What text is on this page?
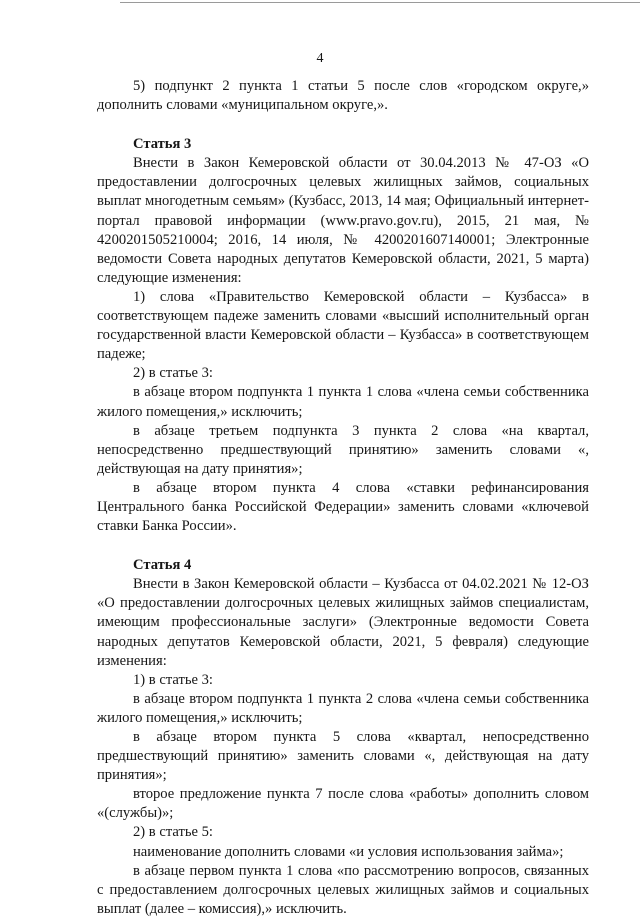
4

5) подпункт 2 пункта 1 статьи 5 после слов «городском округе,» дополнить словами «муниципальном округе,».

Статья 3

Внести в Закон Кемеровской области от 30.04.2013 № 47-ОЗ «О предоставлении долгосрочных целевых жилищных займов, социальных выплат многодетным семьям» (Кузбасс, 2013, 14 мая; Официальный интернет-портал правовой информации (www.pravo.gov.ru), 2015, 21 мая, № 4200201505210004; 2016, 14 июля, № 4200201607140001; Электронные ведомости Совета народных депутатов Кемеровской области, 2021, 5 марта) следующие изменения:

1) слова «Правительство Кемеровской области – Кузбасса» в соответствующем падеже заменить словами «высший исполнительный орган государственной власти Кемеровской области – Кузбасса» в соответствующем падеже;

2) в статье 3:

в абзаце втором подпункта 1 пункта 1 слова «члена семьи собственника жилого помещения,» исключить;

в абзаце третьем подпункта 3 пункта 2 слова «на квартал, непосредственно предшествующий принятию» заменить словами «, действующая на дату принятия»;

в абзаце втором пункта 4 слова «ставки рефинансирования Центрального банка Российской Федерации» заменить словами «ключевой ставки Банка России».

Статья 4

Внести в Закон Кемеровской области – Кузбасса от 04.02.2021 № 12-ОЗ «О предоставлении долгосрочных целевых жилищных займов специалистам, имеющим профессиональные заслуги» (Электронные ведомости Совета народных депутатов Кемеровской области, 2021, 5 февраля) следующие изменения:

1) в статье 3:

в абзаце втором подпункта 1 пункта 2 слова «члена семьи собственника жилого помещения,» исключить;

в абзаце втором пункта 5 слова «квартал, непосредственно предшествующий принятию» заменить словами «, действующая на дату принятия»;

второе предложение пункта 7 после слова «работы» дополнить словом «(службы)»;

2) в статье 5:

наименование дополнить словами «и условия использования займа»;

в абзаце первом пункта 1 слова «по рассмотрению вопросов, связанных с предоставлением долгосрочных целевых жилищных займов и социальных выплат (далее – комиссия),» исключить.
